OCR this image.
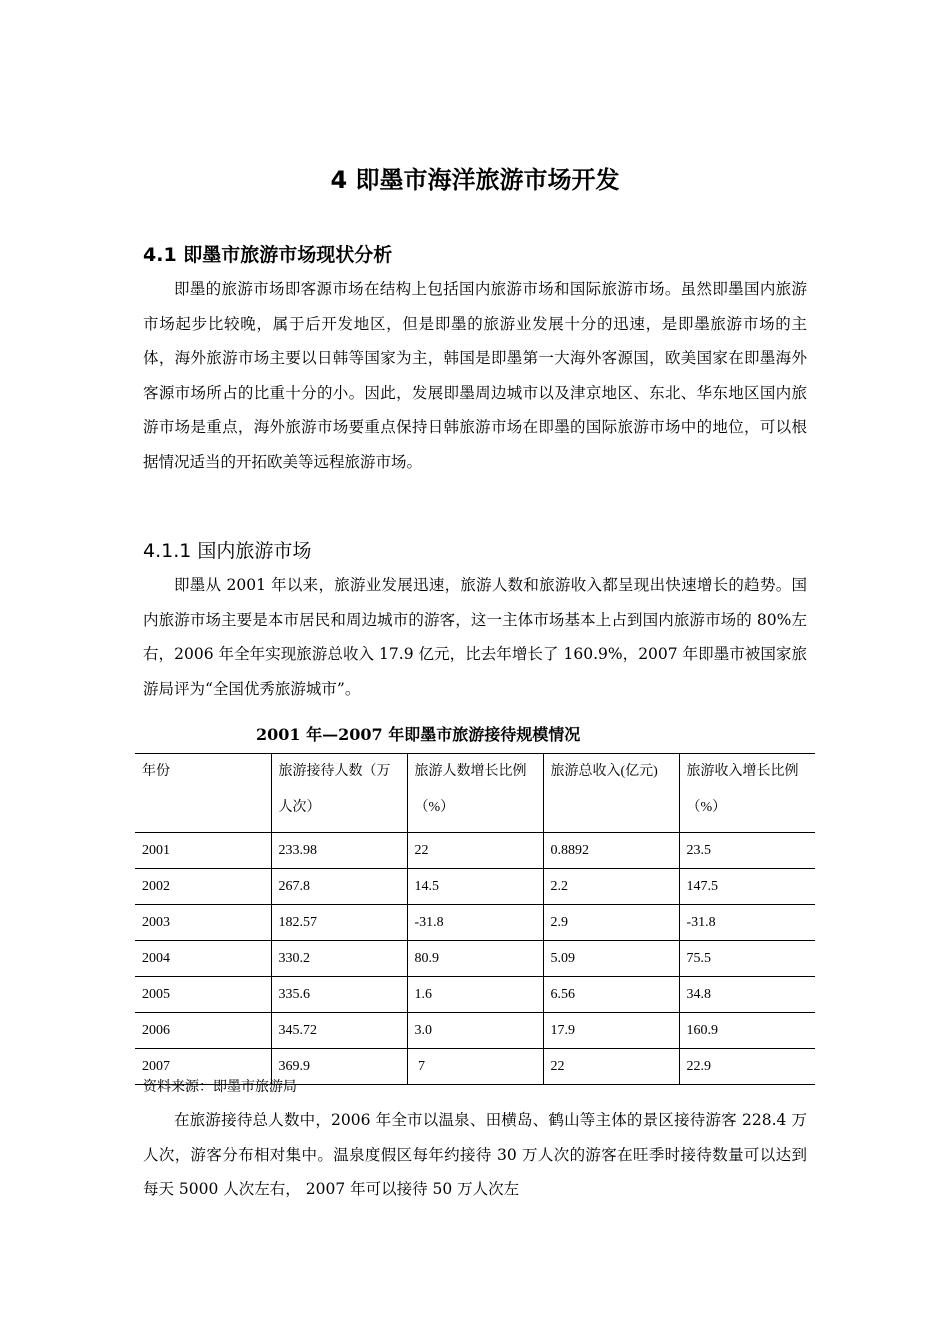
4 即墨市海洋旅游市场开发
4.1 即墨市旅游市场现状分析

即墨的旅游市场即客源市场在结构上包括国内旅游市场和国际旅游市场。虽然即墨国内旅游市场起步比较晚，属于后开发地区，但是即墨的旅游业发展十分的迅速，是即墨旅游市场的主体，海外旅游市场主要以日韩等国家为主，韩国是即墨第一大海外客源国，欧美国家在即墨海外客源市场所占的比重十分的小。因此，发展即墨周边城市以及津京地区、东北、华东地区国内旅游市场是重点，海外旅游市场要重点保持日韩旅游市场在即墨的国际旅游市场中的地位，可以根据情况适当的开拓欧美等远程旅游市场。

4.1.1 国内旅游市场

即墨从 2001 年以来，旅游业发展迅速，旅游人数和旅游收入都呈现出快速增长的趋势。国内旅游市场主要是本市居民和周边城市的游客，这一主体市场基本上占到国内旅游市场的 80%左右，2006 年全年实现旅游总收入 17.9 亿元，比去年增长了 160.9%，2007 年即墨市被国家旅游局评为“全国优秀旅游城市”。

2001 年—2007 年即墨市旅游接待规模情况
年份	旅游接待人数（万人次）	旅游人数增长比例（%）	旅游总收入(亿元)	旅游收入增长比例（%）
2001	233.98	22	0.8892	23.5
2002	267.8	14.5	2.2	147.5
2003	182.57	-31.8	2.9	-31.8
2004	330.2	80.9	5.09	75.5
2005	335.6	1.6	6.56	34.8
2006	345.72	3.0	17.9	160.9
2007	369.9	7	22	22.9
资料来源：即墨市旅游局

在旅游接待总人数中，2006 年全市以温泉、田横岛、鹤山等主体的景区接待游客 228.4 万人次，游客分布相对集中。温泉度假区每年约接待 30 万人次的游客在旺季时接待数量可以达到每天 5000 人次左右， 2007 年可以接待 50 万人次左
